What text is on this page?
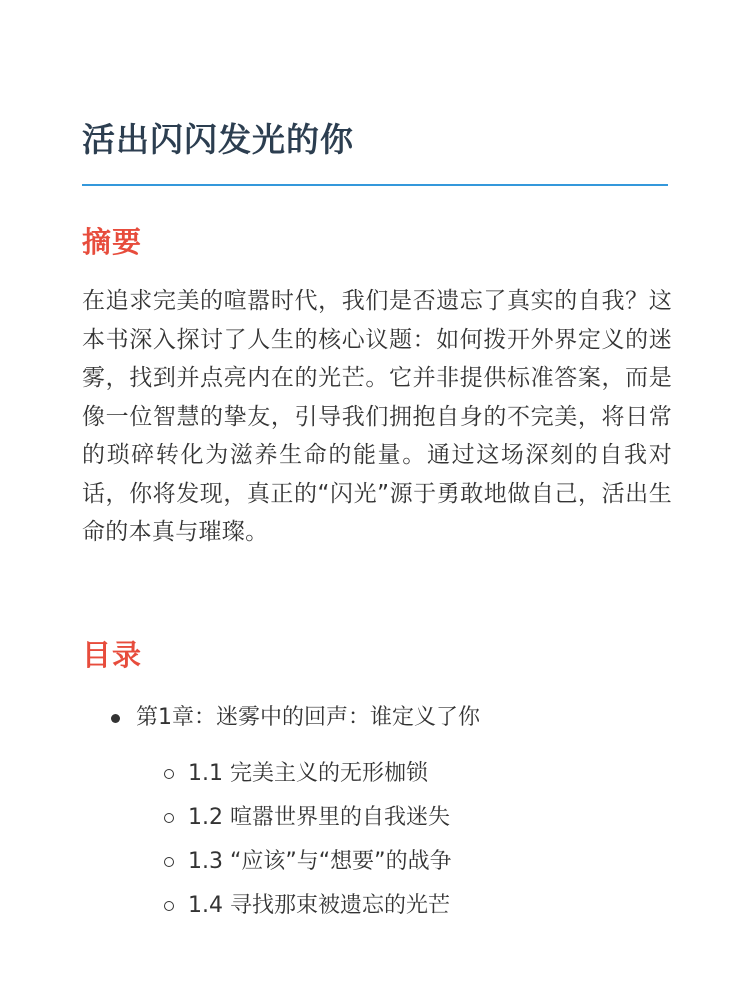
活出闪闪发光的你
摘要

在追求完美的喧嚣时代，我们是否遗忘了真实的自我？这本书深入探讨了人生的核心议题：如何拨开外界定义的迷雾，找到并点亮内在的光芒。它并非提供标准答案，而是像一位智慧的挚友，引导我们拥抱自身的不完美，将日常的琐碎转化为滋养生命的能量。通过这场深刻的自我对话，你将发现，真正的“闪光”源于勇敢地做自己，活出生命的本真与璀璨。

目录
第1章：迷雾中的回声：谁定义了你
1.1 完美主义的无形枷锁
1.2 喧嚣世界里的自我迷失
1.3 “应该”与“想要”的战争
1.4 寻找那束被遗忘的光芒
